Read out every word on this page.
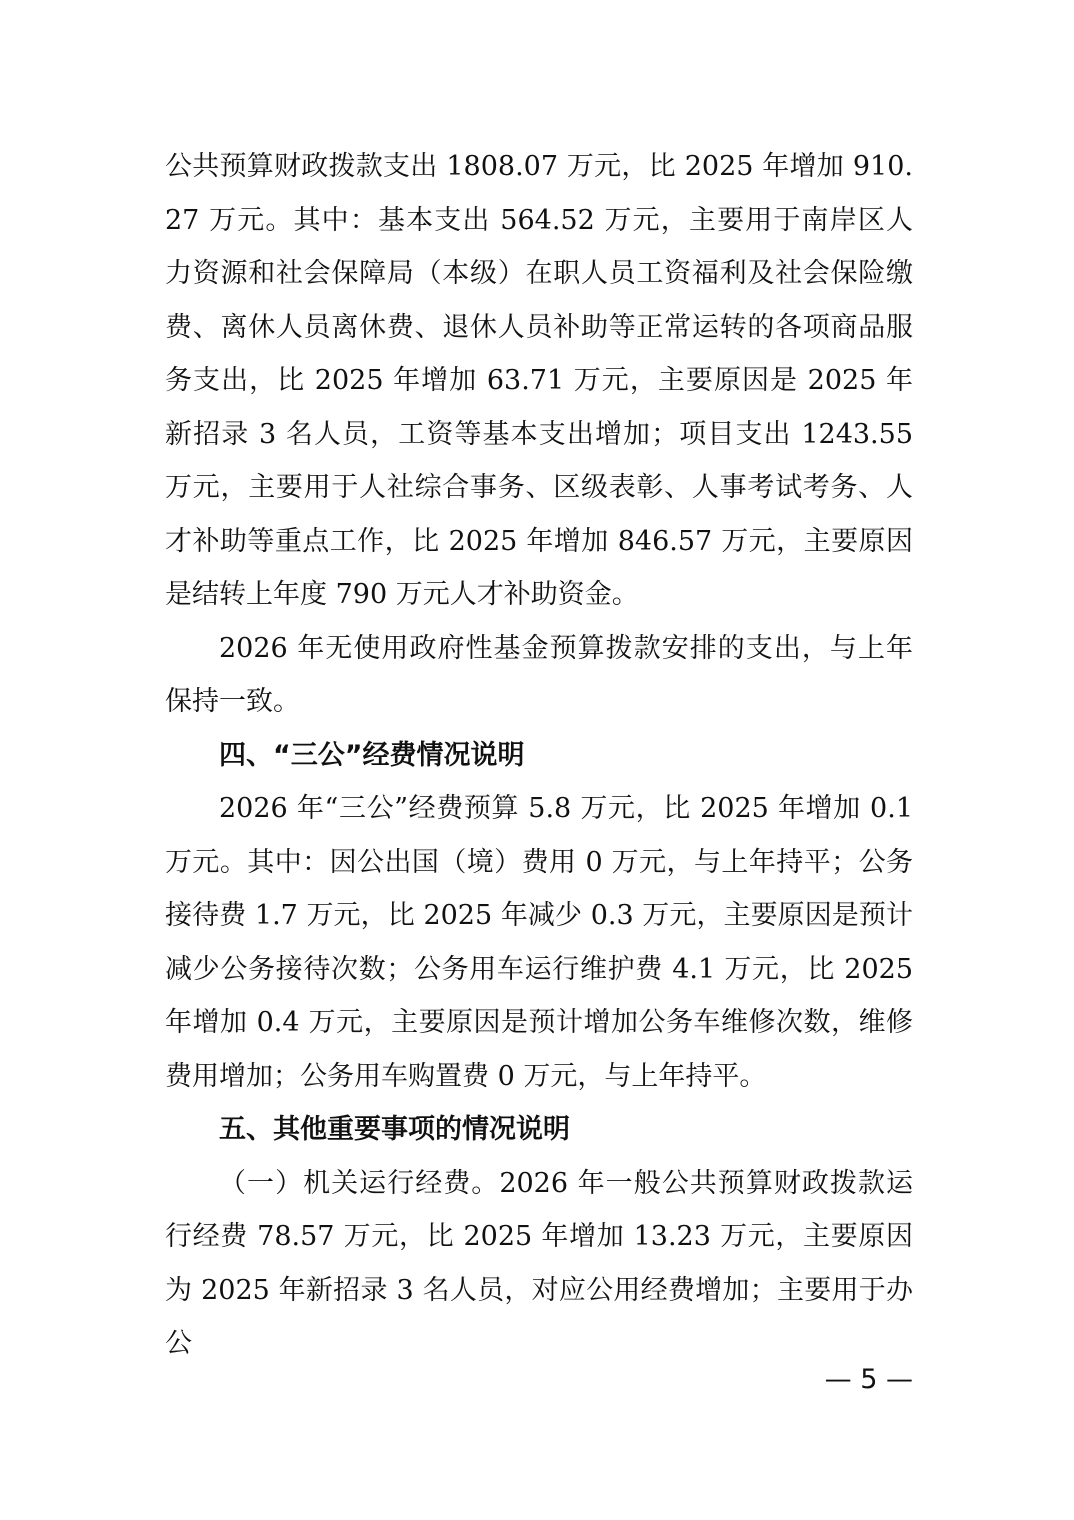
公共预算财政拨款支出 1808.07 万元，比 2025 年增加 910.27 万元。其中：基本支出 564.52 万元，主要用于南岸区人力资源和社会保障局（本级）在职人员工资福利及社会保险缴费、离休人员离休费、退休人员补助等正常运转的各项商品服务支出，比 2025 年增加 63.71 万元，主要原因是 2025 年新招录 3 名人员，工资等基本支出增加；项目支出 1243.55 万元，主要用于人社综合事务、区级表彰、人事考试考务、人才补助等重点工作，比 2025 年增加 846.57 万元，主要原因是结转上年度 790 万元人才补助资金。

2026 年无使用政府性基金预算拨款安排的支出，与上年保持一致。

四、“三公”经费情况说明

2026 年“三公”经费预算 5.8 万元，比 2025 年增加 0.1 万元。其中：因公出国（境）费用 0 万元，与上年持平；公务接待费 1.7 万元，比 2025 年减少 0.3 万元，主要原因是预计减少公务接待次数；公务用车运行维护费 4.1 万元，比 2025 年增加 0.4 万元，主要原因是预计增加公务车维修次数，维修费用增加；公务用车购置费 0 万元，与上年持平。

五、其他重要事项的情况说明

（一）机关运行经费。2026 年一般公共预算财政拨款运行经费 78.57 万元，比 2025 年增加 13.23 万元，主要原因为 2025 年新招录 3 名人员，对应公用经费增加；主要用于办公

— 5 —
